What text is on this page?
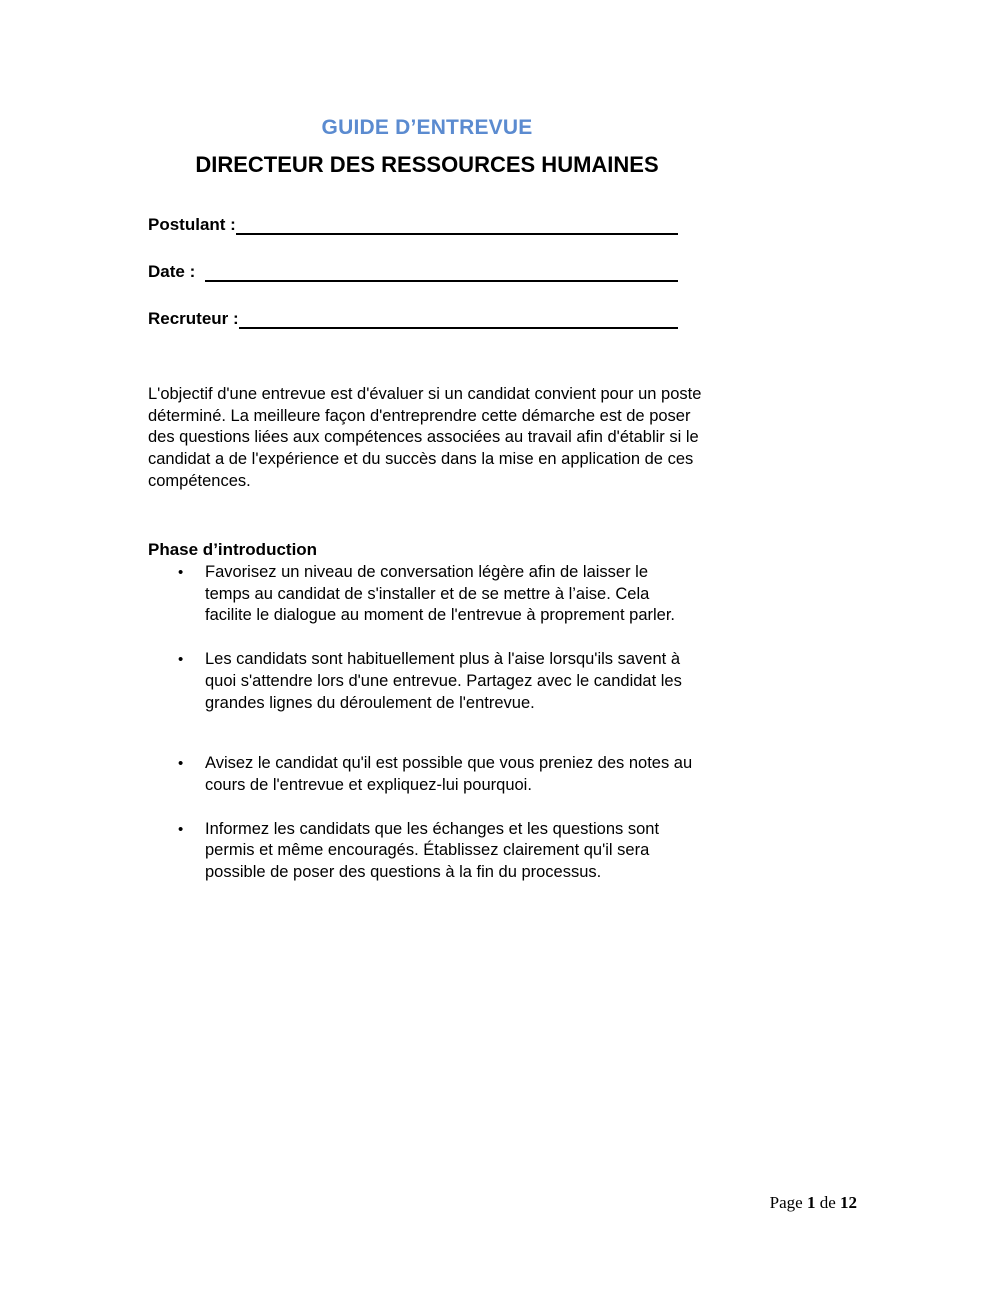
GUIDE D’ENTREVUE
DIRECTEUR DES RESSOURCES HUMAINES
Postulant :
Date :
Recruteur :
L'objectif d'une entrevue est d'évaluer si un candidat convient pour un poste déterminé. La meilleure façon d'entreprendre cette démarche est de poser des questions liées aux compétences associées au travail afin d'établir si le candidat a de l'expérience et du succès dans la mise en application de ces compétences.
Phase d’introduction
•	Favorisez un niveau de conversation légère afin de laisser le temps au candidat de s'installer et de se mettre à l’aise. Cela facilite le dialogue au moment de l'entrevue à proprement parler.
•	Les candidats sont habituellement plus à l'aise lorsqu'ils savent à quoi s'attendre lors d'une entrevue. Partagez avec le candidat les grandes lignes du déroulement de l'entrevue.
•	Avisez le candidat qu'il est possible que vous preniez des notes au cours de l'entrevue et expliquez-lui pourquoi.
•	Informez les candidats que les échanges et les questions sont permis et même encouragés. Établissez clairement qu'il sera possible de poser des questions à la fin du processus.
Page 1 de 12
